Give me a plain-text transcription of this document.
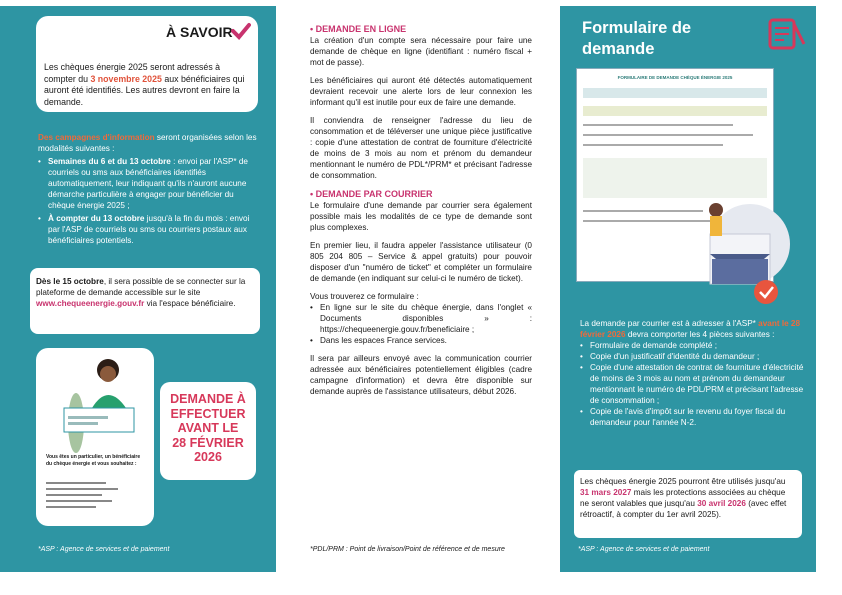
À SAVOIR

Les chèques énergie 2025 seront adressés à compter du 3 novembre 2025 aux bénéficiaires qui auront été identifiés. Les autres devront en faire la demande.

Des campagnes d'information seront organisées selon les modalités suivantes :

• Semaines du 6 et du 13 octobre : envoi par l'ASP* de courriels ou sms aux bénéficiaires identifiés automatiquement, leur indiquant qu'ils n'auront aucune démarche particulière à engager pour bénéficier du chèque énergie 2025 ;

• À compter du 13 octobre jusqu'à la fin du mois : envoi par l'ASP de courriels ou sms ou courriers postaux aux bénéficiaires potentiels.

Dès le 15 octobre, il sera possible de se connecter sur la plateforme de demande accessible sur le site www.chequeenergie.gouv.fr via l'espace bénéficiaire.

Vous êtes un particulier, un bénéficiaire du chèque énergie et vous souhaitez :

DEMANDE À
EFFECTUER
AVANT LE
28 FÉVRIER
2026
*ASP : Agence de services et de paiement
• DEMANDE EN LIGNE

La création d'un compte sera nécessaire pour faire une demande de chèque en ligne (identifiant : numéro fiscal + mot de passe).

Les bénéficiaires qui auront été détectés automatiquement devraient recevoir une alerte lors de leur connexion les informant qu'il est inutile pour eux de faire une demande.

Il conviendra de renseigner l'adresse du lieu de consommation et de téléverser une unique pièce justificative : copie d'une attestation de contrat de fourniture d'électricité de moins de 3 mois au nom et prénom du demandeur mentionnant le numéro de PDL*/PRM* et précisant l'adresse de consommation.

• DEMANDE PAR COURRIER

Le formulaire d'une demande par courrier sera également possible mais les modalités de ce type de demande sont plus complexes.

En premier lieu, il faudra appeler l'assistance utilisateur (0 805 204 805 – Service & appel gratuits) pour pouvoir disposer d'un "numéro de ticket" et compléter un formulaire de demande (en indiquant sur celui-ci le numéro de ticket).

Vous trouverez ce formulaire :

• En ligne sur le site du chèque énergie, dans l'onglet « Documents disponibles » : https://chequeenergie.gouv.fr/beneficiaire ;

• Dans les espaces France services.

Il sera par ailleurs envoyé avec la communication courrier adressée aux bénéficiaires potentiellement éligibles (cadre campagne d'information) et devra être disponible sur demande auprès de l'assistance utilisateurs, début 2026.

*PDL/PRM : Point de livraison/Point de référence et de mesure
Formulaire de
demande
FORMULAIRE DE DEMANDE CHÈQUE ÉNERGIE 2025

La demande par courrier est à adresser à l'ASP* avant le 28 février 2026 devra comporter les 4 pièces suivantes :

• Formulaire de demande complété ;

• Copie d'un justificatif d'identité du demandeur ;

• Copie d'une attestation de contrat de fourniture d'électricité de moins de 3 mois au nom et prénom du demandeur mentionnant le numéro de PDL/PRM et précisant l'adresse de consommation ;

• Copie de l'avis d'impôt sur le revenu du foyer fiscal du demandeur pour l'année N-2.

Les chèques énergie 2025 pourront être utilisés jusqu'au 31 mars 2027 mais les protections associées au chèque ne seront valables que jusqu'au 30 avril 2026 (avec effet rétroactif, à compter du 1er avril 2025).

*ASP : Agence de services et de paiement
